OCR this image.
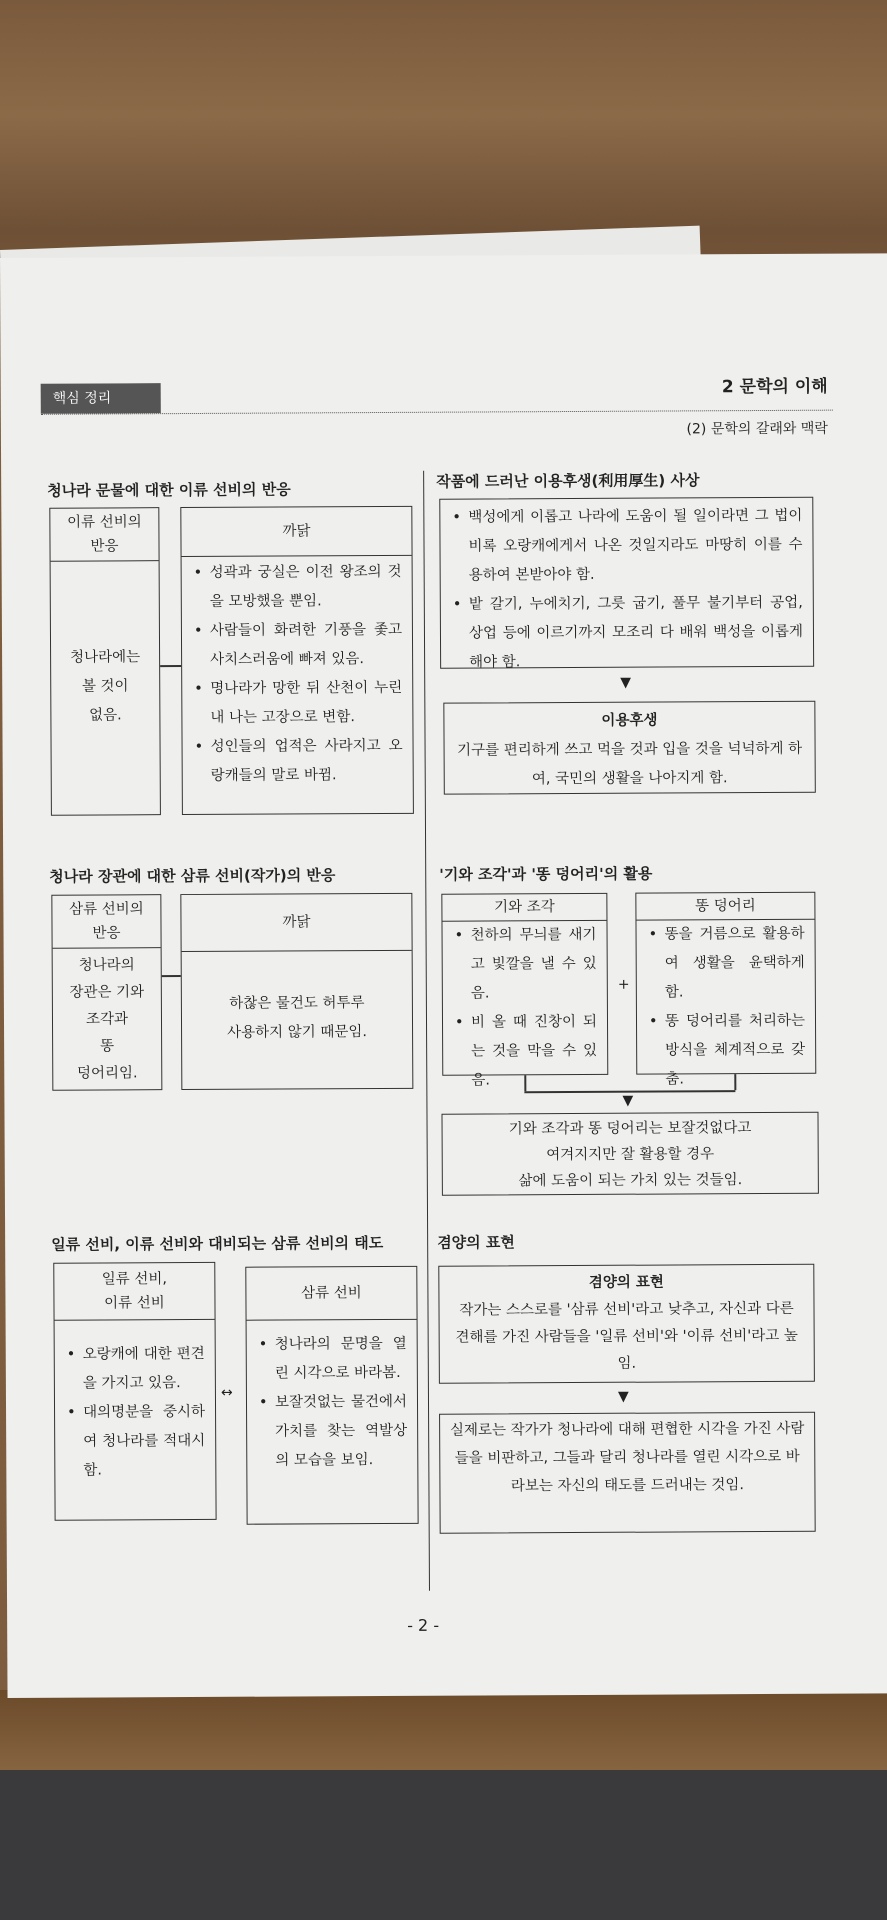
핵심 정리
2 문학의 이해
(2) 문학의 갈래와 맥락
청나라 문물에 대한 이류 선비의 반응
이류 선비의
반응
청나라에는
볼 것이
없음.
까닭
• 성곽과 궁실은 이전 왕조의 것을 모방했을 뿐임.
• 사람들이 화려한 기풍을 좇고 사치스러움에 빠져 있음.
• 명나라가 망한 뒤 산천이 누린내 나는 고장으로 변함.
• 성인들의 업적은 사라지고 오랑캐들의 말로 바뀜.
작품에 드러난 이용후생(利用厚生) 사상
• 백성에게 이롭고 나라에 도움이 될 일이라면 그 법이 비록 오랑캐에게서 나온 것일지라도 마땅히 이를 수용하여 본받아야 함.
• 밭 갈기, 누에치기, 그릇 굽기, 풀무 불기부터 공업, 상업 등에 이르기까지 모조리 다 배워 백성을 이롭게 해야 함.
▼
이용후생
기구를 편리하게 쓰고 먹을 것과 입을 것을 넉넉하게 하여, 국민의 생활을 나아지게 함.
청나라 장관에 대한 삼류 선비(작가)의 반응
삼류 선비의
반응
청나라의
장관은 기와
조각과
똥
덩어리임.
까닭
하찮은 물건도 허투루
사용하지 않기 때문임.
'기와 조각'과 '똥 덩어리'의 활용
기와 조각
• 천하의 무늬를 새기고 빛깔을 낼 수 있음.
• 비 올 때 진창이 되는 것을 막을 수 있음.
+
똥 덩어리
• 똥을 거름으로 활용하여 생활을 윤택하게 함.
• 똥 덩어리를 처리하는 방식을 체계적으로 갖춤.
▼
기와 조각과 똥 덩어리는 보잘것없다고
여겨지지만 잘 활용할 경우
삶에 도움이 되는 가치 있는 것들임.
일류 선비, 이류 선비와 대비되는 삼류 선비의 태도
일류 선비,
이류 선비
• 오랑캐에 대한 편견을 가지고 있음.
• 대의명분을 중시하여 청나라를 적대시함.
↔
삼류 선비
• 청나라의 문명을 열린 시각으로 바라봄.
• 보잘것없는 물건에서 가치를 찾는 역발상의 모습을 보임.
겸양의 표현
겸양의 표현
작가는 스스로를 '삼류 선비'라고 낮추고, 자신과 다른 견해를 가진 사람들을 '일류 선비'와 '이류 선비'라고 높임.
▼
실제로는 작가가 청나라에 대해 편협한 시각을 가진 사람들을 비판하고, 그들과 달리 청나라를 열린 시각으로 바라보는 자신의 태도를 드러내는 것임.
- 2 -
